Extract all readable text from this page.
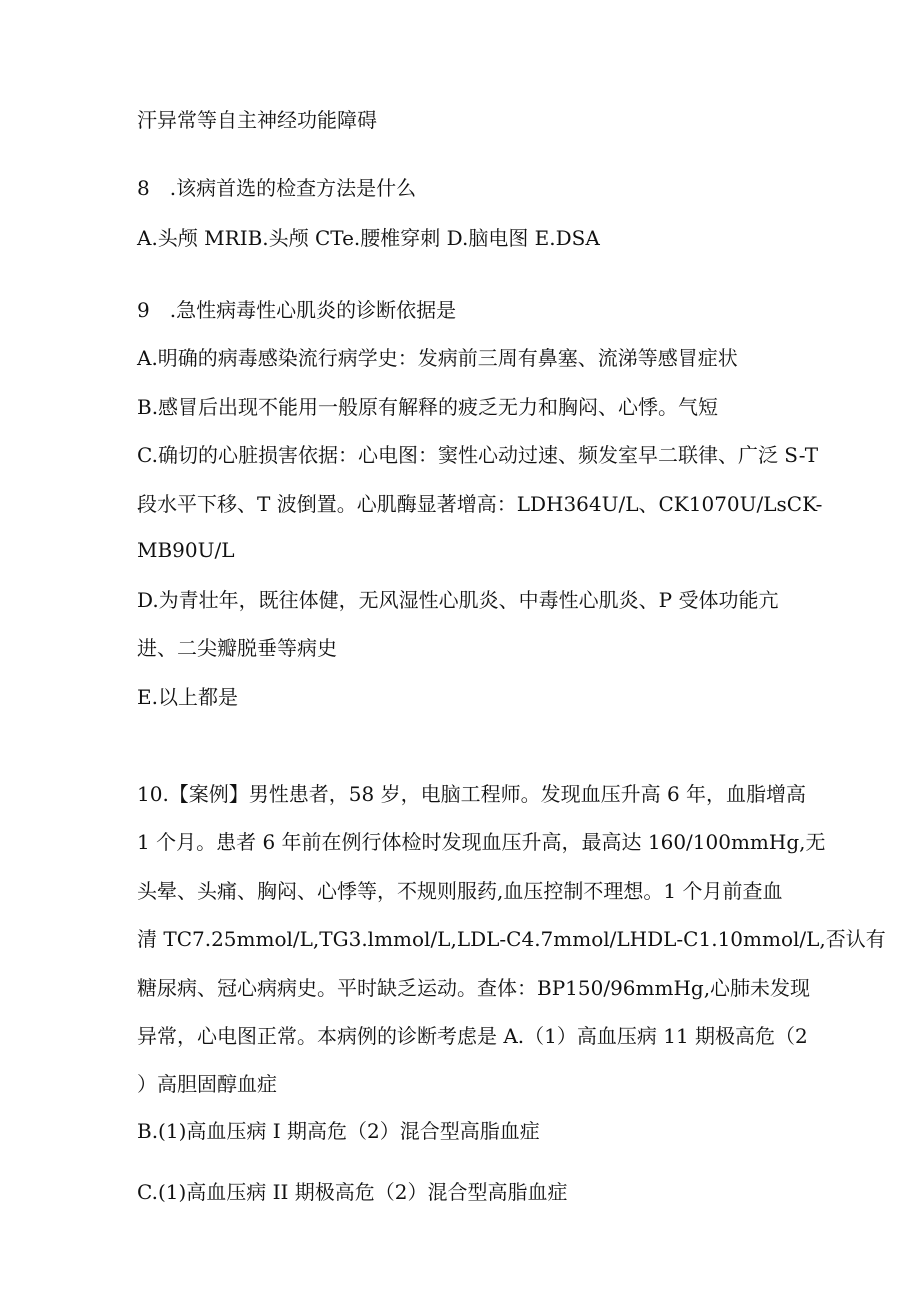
汗异常等自主神经功能障碍
8　.该病首选的检查方法是什么
A.头颅 MRIB.头颅 CTe.腰椎穿刺 D.脑电图 E.DSA
9　.急性病毒性心肌炎的诊断依据是
A.明确的病毒感染流行病学史：发病前三周有鼻塞、流涕等感冒症状
B.感冒后出现不能用一般原有解释的疲乏无力和胸闷、心悸。气短
C.确切的心脏损害依据：心电图：窦性心动过速、频发室早二联律、广泛 S-T
段水平下移、T 波倒置。心肌酶显著增高：LDH364U/L、CK1070U/LsCK-
MB90U/L
D.为青壮年，既往体健，无风湿性心肌炎、中毒性心肌炎、P 受体功能亢
进、二尖瓣脱垂等病史
E.以上都是
10.【案例】男性患者，58 岁，电脑工程师。发现血压升高 6 年，血脂增高
1 个月。患者 6 年前在例行体检时发现血压升高，最高达 160/100mmHg,无
头晕、头痛、胸闷、心悸等，不规则服药,血压控制不理想。1 个月前查血
清 TC7.25mmol/L,TG3.lmmol/L,LDL-C4.7mmol/LHDL-C1.10mmol/L,否认有
糖尿病、冠心病病史。平时缺乏运动。查体：BP150/96mmHg,心肺未发现
异常，心电图正常。本病例的诊断考虑是 A.（1）高血压病 11 期极高危（2
）高胆固醇血症
B.(1)高血压病 I 期高危（2）混合型高脂血症
C.(1)高血压病 II 期极高危（2）混合型高脂血症
